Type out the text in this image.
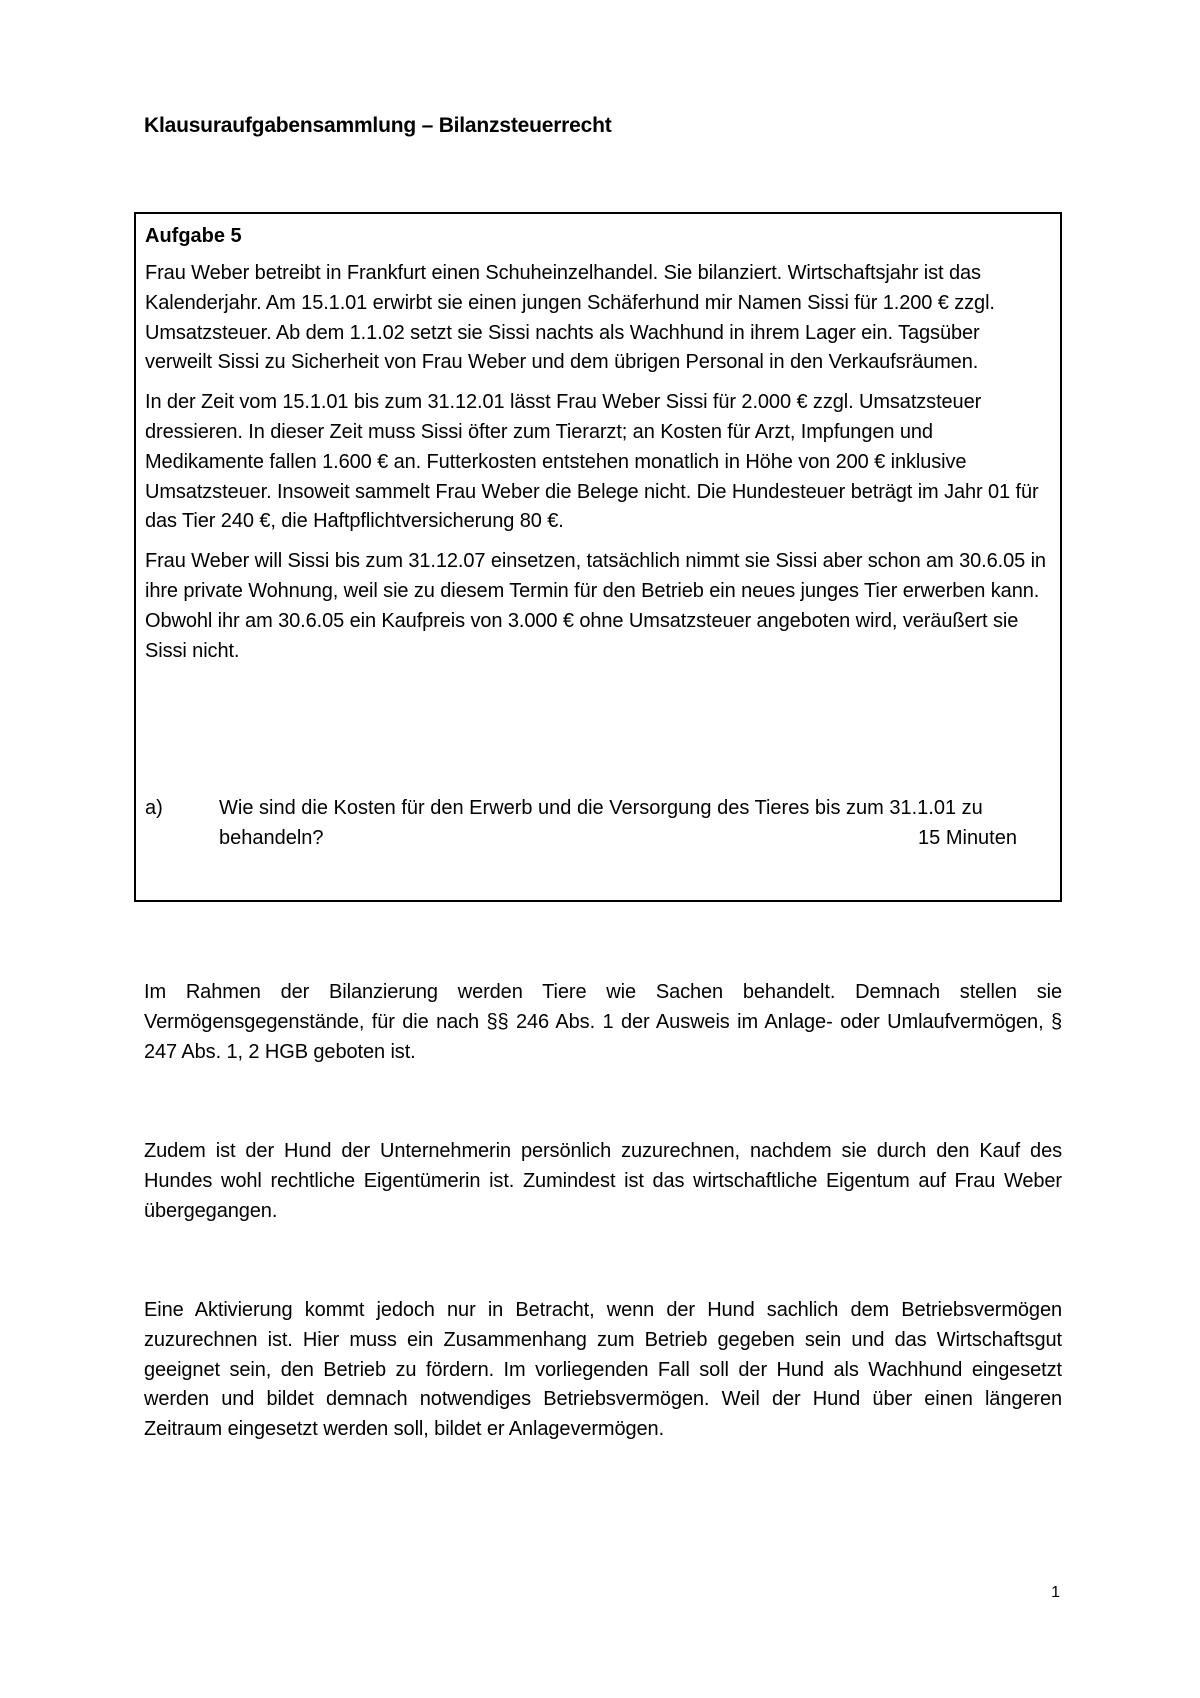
Klausuraufgabensammlung – Bilanzsteuerrecht
Aufgabe 5

Frau Weber betreibt in Frankfurt einen Schuheinzelhandel. Sie bilanziert. Wirtschaftsjahr ist das Kalenderjahr. Am 15.1.01 erwirbt sie einen jungen Schäferhund mir Namen Sissi für 1.200 € zzgl. Umsatzsteuer. Ab dem 1.1.02 setzt sie Sissi nachts als Wachhund in ihrem Lager ein. Tagsüber verweilt Sissi zu Sicherheit von Frau Weber und dem übrigen Personal in den Verkaufsräumen.

In der Zeit vom 15.1.01 bis zum 31.12.01 lässt Frau Weber Sissi für 2.000 € zzgl. Umsatzsteuer dressieren. In dieser Zeit muss Sissi öfter zum Tierarzt; an Kosten für Arzt, Impfungen und Medikamente fallen 1.600 € an. Futterkosten entstehen monatlich in Höhe von 200 € inklusive Umsatzsteuer. Insoweit sammelt Frau Weber die Belege nicht. Die Hundesteuer beträgt im Jahr 01 für das Tier 240 €, die Haftpflichtversicherung 80 €.

Frau Weber will Sissi bis zum 31.12.07 einsetzen, tatsächlich nimmt sie Sissi aber schon am 30.6.05 in ihre private Wohnung, weil sie zu diesem Termin für den Betrieb ein neues junges Tier erwerben kann. Obwohl ihr am 30.6.05 ein Kaufpreis von 3.000 € ohne Umsatzsteuer angeboten wird, veräußert sie Sissi nicht.

a)	Wie sind die Kosten für den Erwerb und die Versorgung des Tieres bis zum 31.1.01 zu behandeln?	15 Minuten

Im Rahmen der Bilanzierung werden Tiere wie Sachen behandelt. Demnach stellen sie Vermögensgegenstände, für die nach §§ 246 Abs. 1 der Ausweis im Anlage- oder Umlaufvermögen, § 247 Abs. 1, 2 HGB geboten ist.

Zudem ist der Hund der Unternehmerin persönlich zuzurechnen, nachdem sie durch den Kauf des Hundes wohl rechtliche Eigentümerin ist. Zumindest ist das wirtschaftliche Eigentum auf Frau Weber übergegangen.

Eine Aktivierung kommt jedoch nur in Betracht, wenn der Hund sachlich dem Betriebsvermögen zuzurechnen ist. Hier muss ein Zusammenhang zum Betrieb gegeben sein und das Wirtschaftsgut geeignet sein, den Betrieb zu fördern. Im vorliegenden Fall soll der Hund als Wachhund eingesetzt werden und bildet demnach notwendiges Betriebsvermögen. Weil der Hund über einen längeren Zeitraum eingesetzt werden soll, bildet er Anlagevermögen.

1
